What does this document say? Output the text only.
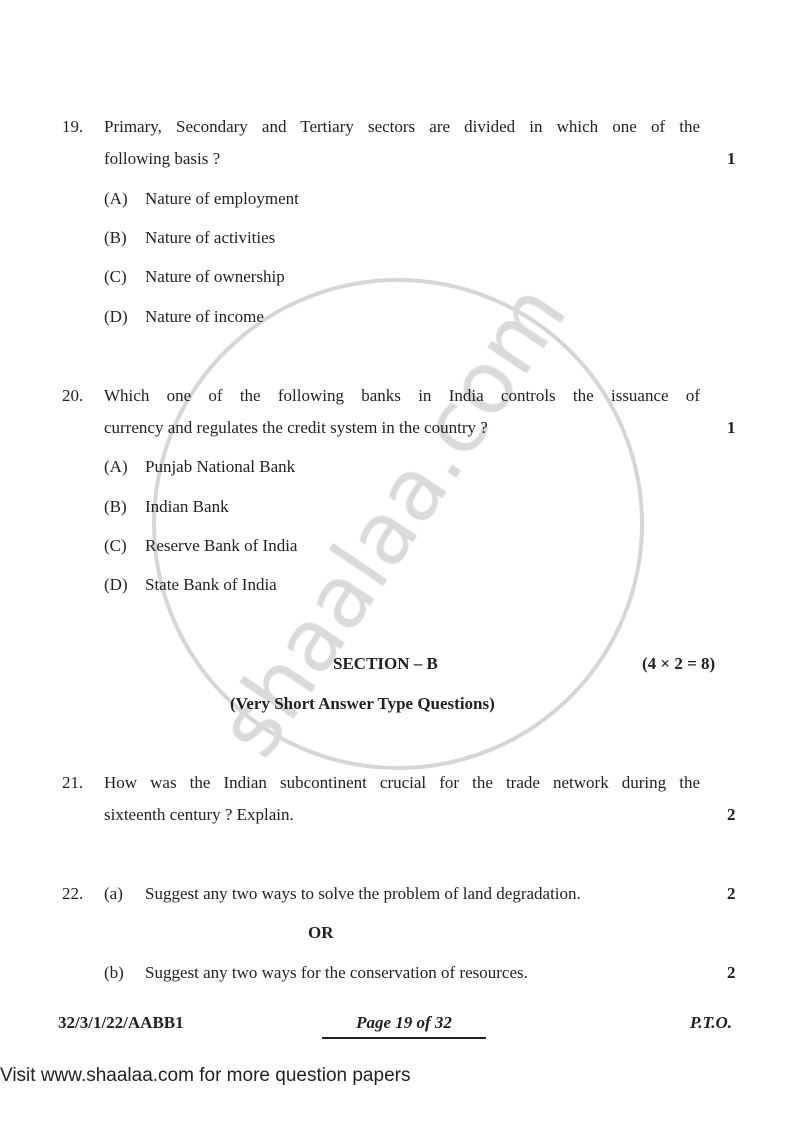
19. Primary, Secondary and Tertiary sectors are divided in which one of the
following basis ?	1
(A) Nature of employment
(B) Nature of activities
(C) Nature of ownership
(D) Nature of income
20. Which one of the following banks in India controls the issuance of
currency and regulates the credit system in the country ?	1
(A) Punjab National Bank
(B) Indian Bank
(C) Reserve Bank of India
(D) State Bank of India
SECTION – B	(4 × 2 = 8)
(Very Short Answer Type Questions)
21. How was the Indian subcontinent crucial for the trade network during the
sixteenth century ? Explain.	2
22. (a) Suggest any two ways to solve the problem of land degradation.	2
OR
(b) Suggest any two ways for the conservation of resources.	2
32/3/1/22/AABB1	Page 19 of 32	P.T.O.
Visit www.shaalaa.com for more question papers
